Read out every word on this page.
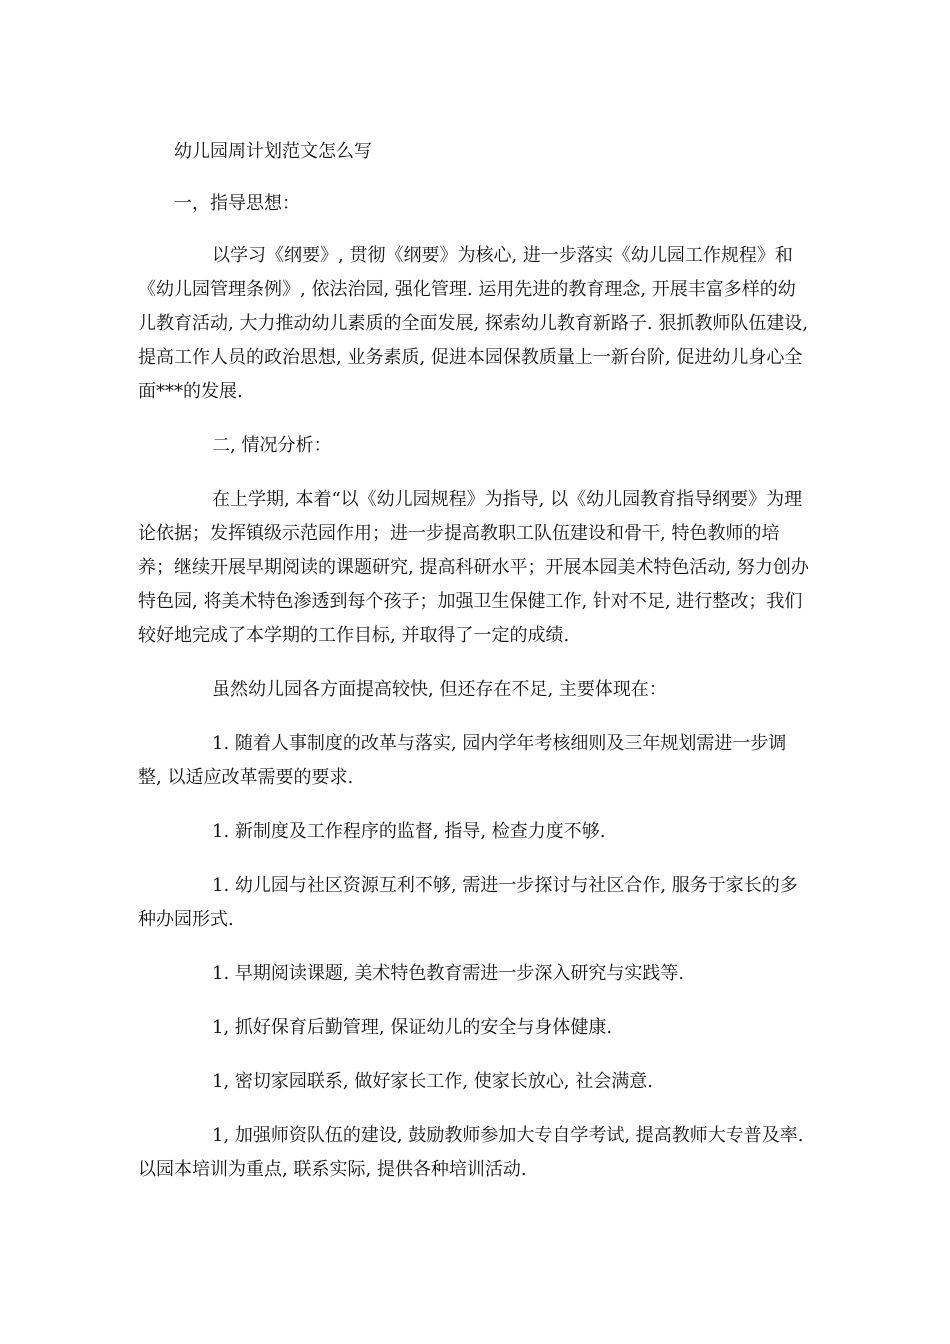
幼儿园周计划范文怎么写

一，指导思想：

以学习《纲要》, 贯彻《纲要》为核心, 进一步落实《幼儿园工作规程》和《幼儿园管理条例》, 依法治园, 强化管理. 运用先进的教育理念, 开展丰富多样的幼儿教育活动, 大力推动幼儿素质的全面发展, 探索幼儿教育新路子. 狠抓教师队伍建设, 提高工作人员的政治思想, 业务素质, 促进本园保教质量上一新台阶, 促进幼儿身心全面***的发展.

二, 情况分析：

在上学期, 本着“以《幼儿园规程》为指导, 以《幼儿园教育指导纲要》为理论依据；发挥镇级示范园作用；进一步提高教职工队伍建设和骨干, 特色教师的培养；继续开展早期阅读的课题研究, 提高科研水平；开展本园美术特色活动, 努力创办特色园, 将美术特色渗透到每个孩子；加强卫生保健工作, 针对不足, 进行整改；我们较好地完成了本学期的工作目标, 并取得了一定的成绩.

虽然幼儿园各方面提高较快, 但还存在不足, 主要体现在：

1. 随着人事制度的改革与落实, 园内学年考核细则及三年规划需进一步调整, 以适应改革需要的要求.

1. 新制度及工作程序的监督, 指导, 检查力度不够.

1. 幼儿园与社区资源互利不够, 需进一步探讨与社区合作, 服务于家长的多种办园形式.

1. 早期阅读课题, 美术特色教育需进一步深入研究与实践等.

1, 抓好保育后勤管理, 保证幼儿的安全与身体健康.

1, 密切家园联系, 做好家长工作, 使家长放心, 社会满意.

1, 加强师资队伍的建设, 鼓励教师参加大专自学考试, 提高教师大专普及率. 以园本培训为重点, 联系实际, 提供各种培训活动.
